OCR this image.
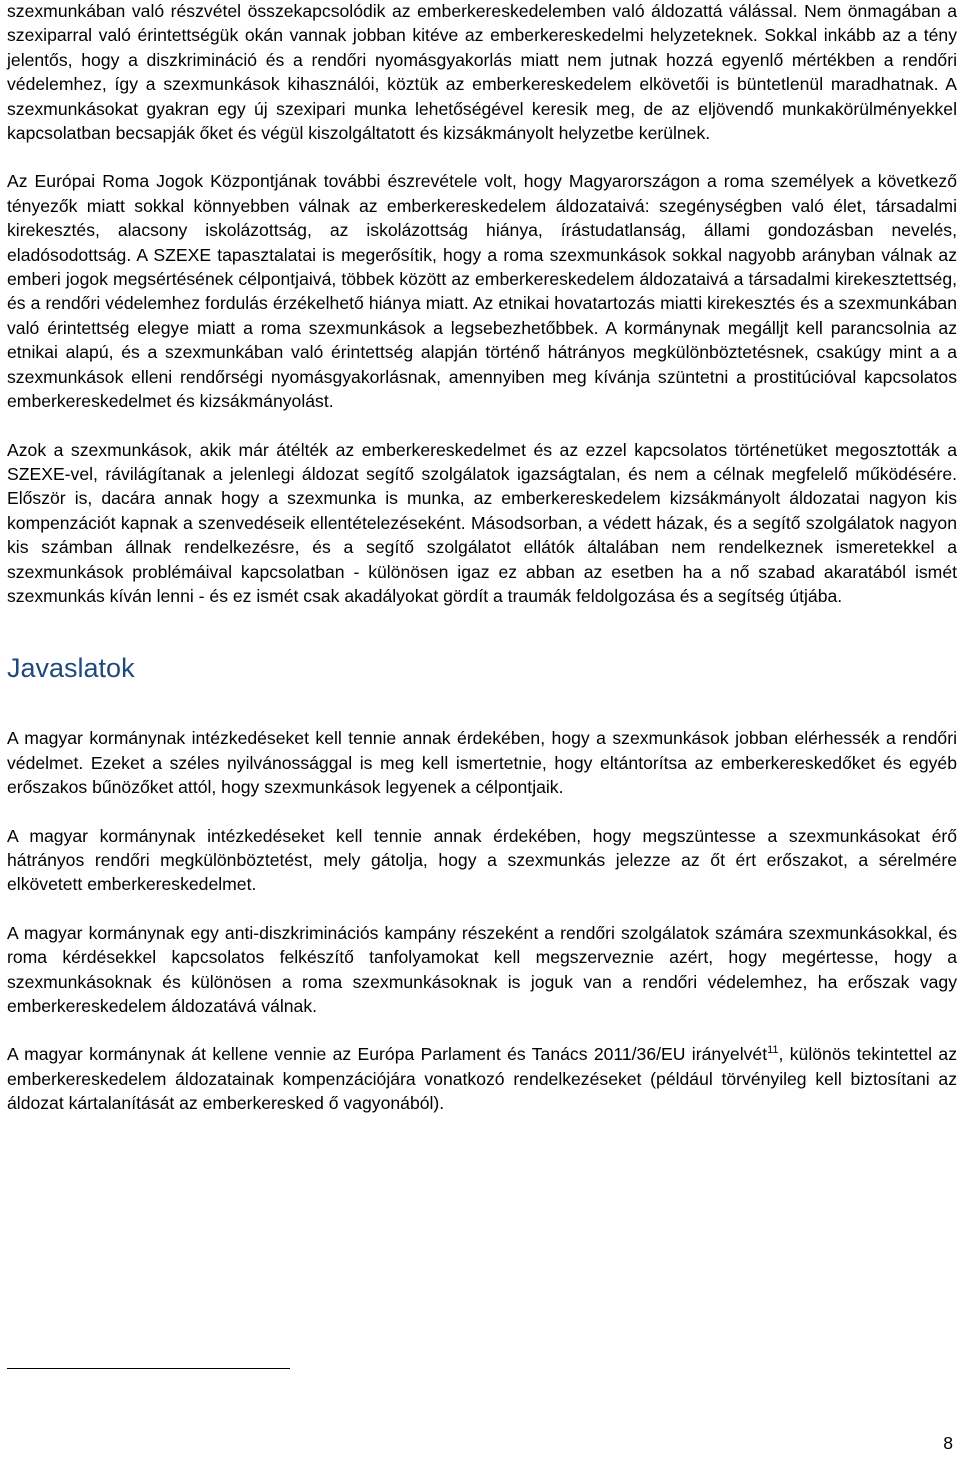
szexmunkában való részvétel összekapcsolódik az emberkereskedelemben való áldozattá válással. Nem önmagában a szexiparral való érintettségük okán vannak jobban kitéve az emberkereskedelmi helyzeteknek. Sokkal inkább az a tény jelentős, hogy a diszkrimináció és a rendőri nyomásgyakorlás miatt nem jutnak hozzá egyenlő mértékben a rendőri védelemhez, így a szexmunkások kihasználói, köztük az emberkereskedelem elkövetői is büntetlenül maradhatnak. A szexmunkásokat gyakran egy új szexipari munka lehetőségével keresik meg, de az eljövendő munkakörülményekkel kapcsolatban becsapják őket és végül kiszolgáltatott és kizsákmányolt helyzetbe kerülnek.

Az Európai Roma Jogok Központjának további észrevétele volt, hogy Magyarországon a roma személyek a következő tényezők miatt sokkal könnyebben válnak az emberkereskedelem áldozataivá: szegénységben való élet, társadalmi kirekesztés, alacsony iskolázottság, az iskolázottság hiánya, írástudatlanság, állami gondozásban nevelés, eladósodottság. A SZEXE tapasztalatai is megerősítik, hogy a roma szexmunkások sokkal nagyobb arányban válnak az emberi jogok megsértésének célpontjaivá, többek között az emberkereskedelem áldozataivá a társadalmi kirekesztettség, és a rendőri védelemhez fordulás érzékelhető hiánya miatt. Az etnikai hovatartozás miatti kirekesztés és a szexmunkában való érintettség elegye miatt a roma szexmunkások a legsebezhetőbbek. A kormánynak megálljt kell parancsolnia az etnikai alapú, és a szexmunkában való érintettség alapján történő hátrányos megkülönböztetésnek, csakúgy mint a a szexmunkások elleni rendőrségi nyomásgyakorlásnak, amennyiben meg kívánja szüntetni a prostitúcióval kapcsolatos emberkereskedelmet és kizsákmányolást.

Azok a szexmunkások, akik már átélték az emberkereskedelmet és az ezzel kapcsolatos történetüket megosztották a SZEXE-vel, rávilágítanak a jelenlegi áldozat segítő szolgálatok igazságtalan, és nem a célnak megfelelő működésére. Először is, dacára annak hogy a szexmunka is munka, az emberkereskedelem kizsákmányolt áldozatai nagyon kis kompenzációt kapnak a szenvedéseik ellentételezéseként. Másodsorban, a védett házak, és a segítő szolgálatok nagyon kis számban állnak rendelkezésre, és a segítő szolgálatot ellátók általában nem rendelkeznek ismeretekkel a szexmunkások problémáival kapcsolatban - különösen igaz ez abban az esetben ha a nő szabad akaratából ismét szexmunkás kíván lenni - és ez ismét csak akadályokat gördít a traumák feldolgozása és a segítség útjába.

Javaslatok

A magyar kormánynak intézkedéseket kell tennie annak érdekében, hogy a szexmunkások jobban elérhessék a rendőri védelmet. Ezeket a széles nyilvánossággal is meg kell ismertetnie, hogy eltántorítsa az emberkereskedőket és egyéb erőszakos bűnözőket attól, hogy szexmunkások legyenek a célpontjaik.

A magyar kormánynak intézkedéseket kell tennie annak érdekében, hogy megszüntesse a szexmunkásokat érő hátrányos rendőri megkülönböztetést, mely gátolja, hogy a szexmunkás jelezze az őt ért erőszakot, a sérelmére elkövetett emberkereskedelmet.

A magyar kormánynak egy anti-diszkriminációs kampány részeként a rendőri szolgálatok számára szexmunkásokkal, és roma kérdésekkel kapcsolatos felkészítő tanfolyamokat kell megszerveznie azért, hogy megértesse, hogy a szexmunkásoknak és különösen a roma szexmunkásoknak is joguk van a rendőri védelemhez, ha erőszak vagy emberkereskedelem áldozatává válnak.

A magyar kormánynak át kellene vennie az Európa Parlament és Tanács 2011/36/EU irányelvét$^{11}$, különös tekintettel az emberkereskedelem áldozatainak kompenzációjára vonatkozó rendelkezéseket (például törvényileg kell biztosítani az áldozat kártalanítását az emberkeresked ő vagyonából).

8
